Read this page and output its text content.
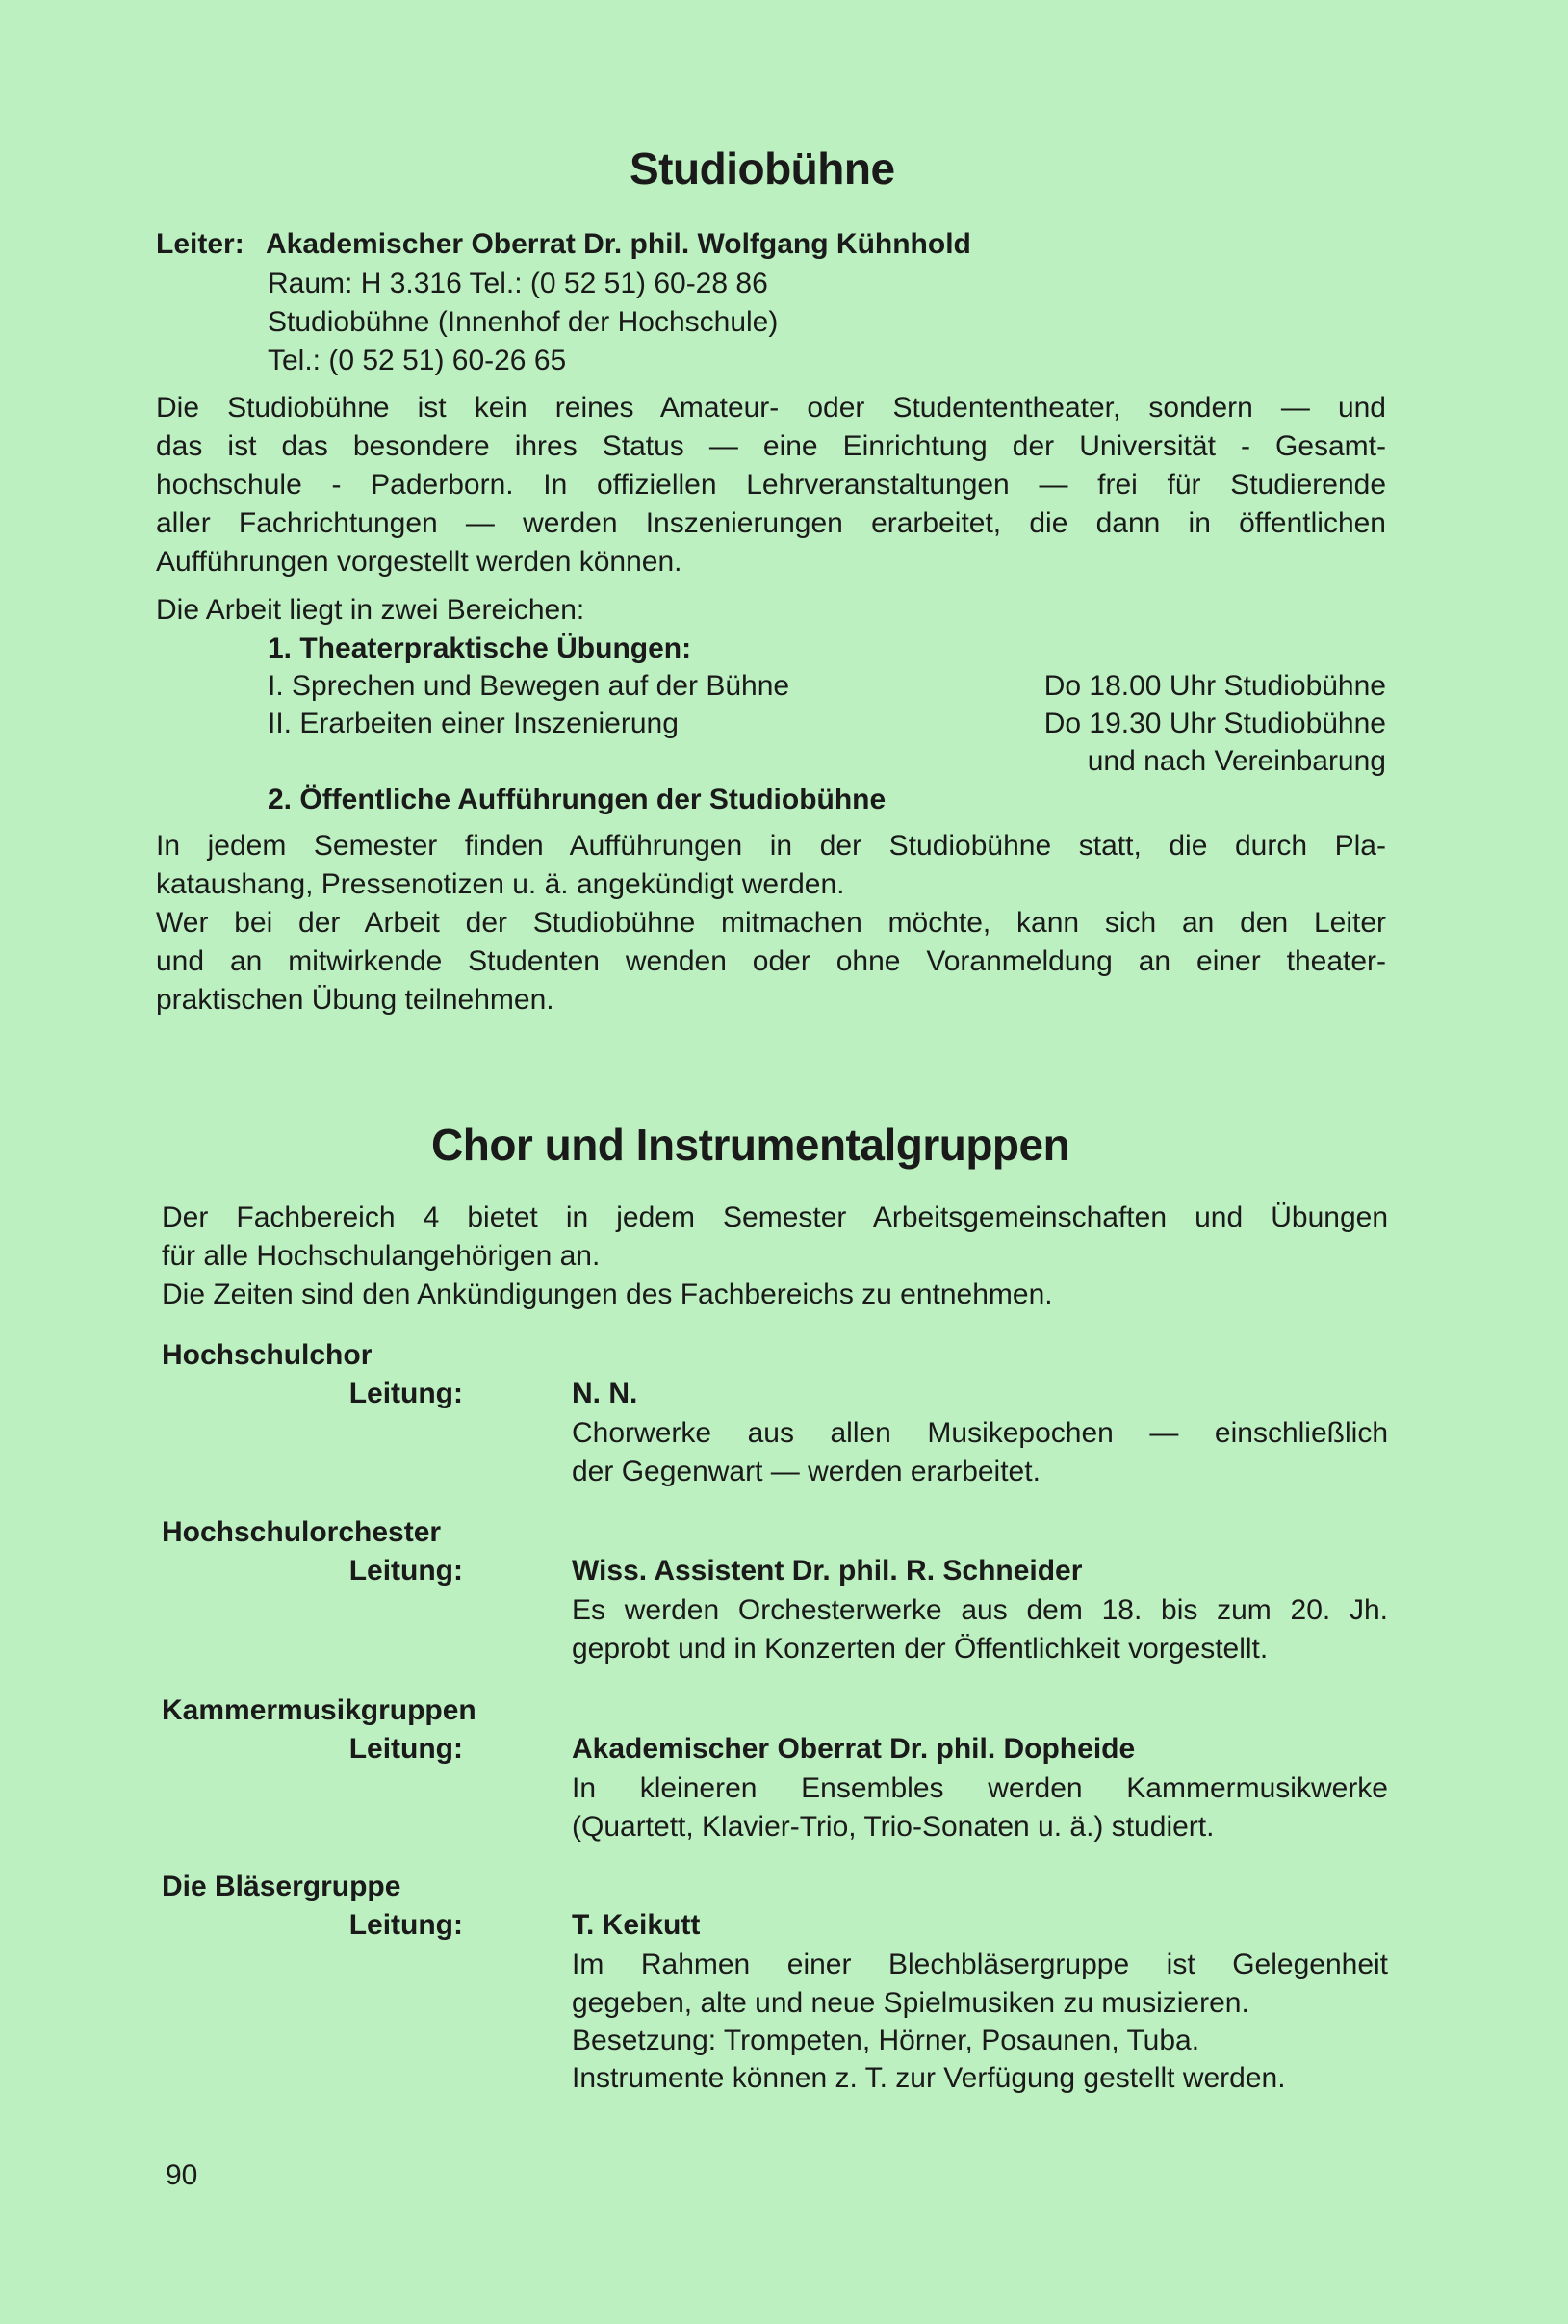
Studiobühne
Leiter: Akademischer Oberrat Dr. phil. Wolfgang Kühnhold
Raum: H 3.316 Tel.: (0 52 51) 60-28 86
Studiobühne (Innenhof der Hochschule)
Tel.: (0 52 51) 60-26 65
Die Studiobühne ist kein reines Amateur- oder Studententheater, sondern — und
das ist das besondere ihres Status — eine Einrichtung der Universität - Gesamt-
hochschule - Paderborn. In offiziellen Lehrveranstaltungen — frei für Studierende
aller Fachrichtungen — werden Inszenierungen erarbeitet, die dann in öffentlichen
Aufführungen vorgestellt werden können.
Die Arbeit liegt in zwei Bereichen:
1. Theaterpraktische Übungen:
I. Sprechen und Bewegen auf der Bühne	Do 18.00 Uhr Studiobühne
II. Erarbeiten einer Inszenierung	Do 19.30 Uhr Studiobühne
und nach Vereinbarung
2. Öffentliche Aufführungen der Studiobühne
In jedem Semester finden Aufführungen in der Studiobühne statt, die durch Pla-
kataushang, Pressenotizen u. ä. angekündigt werden.
Wer bei der Arbeit der Studiobühne mitmachen möchte, kann sich an den Leiter
und an mitwirkende Studenten wenden oder ohne Voranmeldung an einer theater-
praktischen Übung teilnehmen.
Chor und Instrumentalgruppen
Der Fachbereich 4 bietet in jedem Semester Arbeitsgemeinschaften und Übungen
für alle Hochschulangehörigen an.
Die Zeiten sind den Ankündigungen des Fachbereichs zu entnehmen.
Hochschulchor
Leitung:	N. N.
Chorwerke aus allen Musikepochen — einschließlich
der Gegenwart — werden erarbeitet.
Hochschulorchester
Leitung:	Wiss. Assistent Dr. phil. R. Schneider
Es werden Orchesterwerke aus dem 18. bis zum 20. Jh.
geprobt und in Konzerten der Öffentlichkeit vorgestellt.
Kammermusikgruppen
Leitung:	Akademischer Oberrat Dr. phil. Dopheide
In kleineren Ensembles werden Kammermusikwerke
(Quartett, Klavier-Trio, Trio-Sonaten u. ä.) studiert.
Die Bläsergruppe
Leitung:	T. Keikutt
Im Rahmen einer Blechbläsergruppe ist Gelegenheit
gegeben, alte und neue Spielmusiken zu musizieren.
Besetzung: Trompeten, Hörner, Posaunen, Tuba.
Instrumente können z. T. zur Verfügung gestellt werden.
90
